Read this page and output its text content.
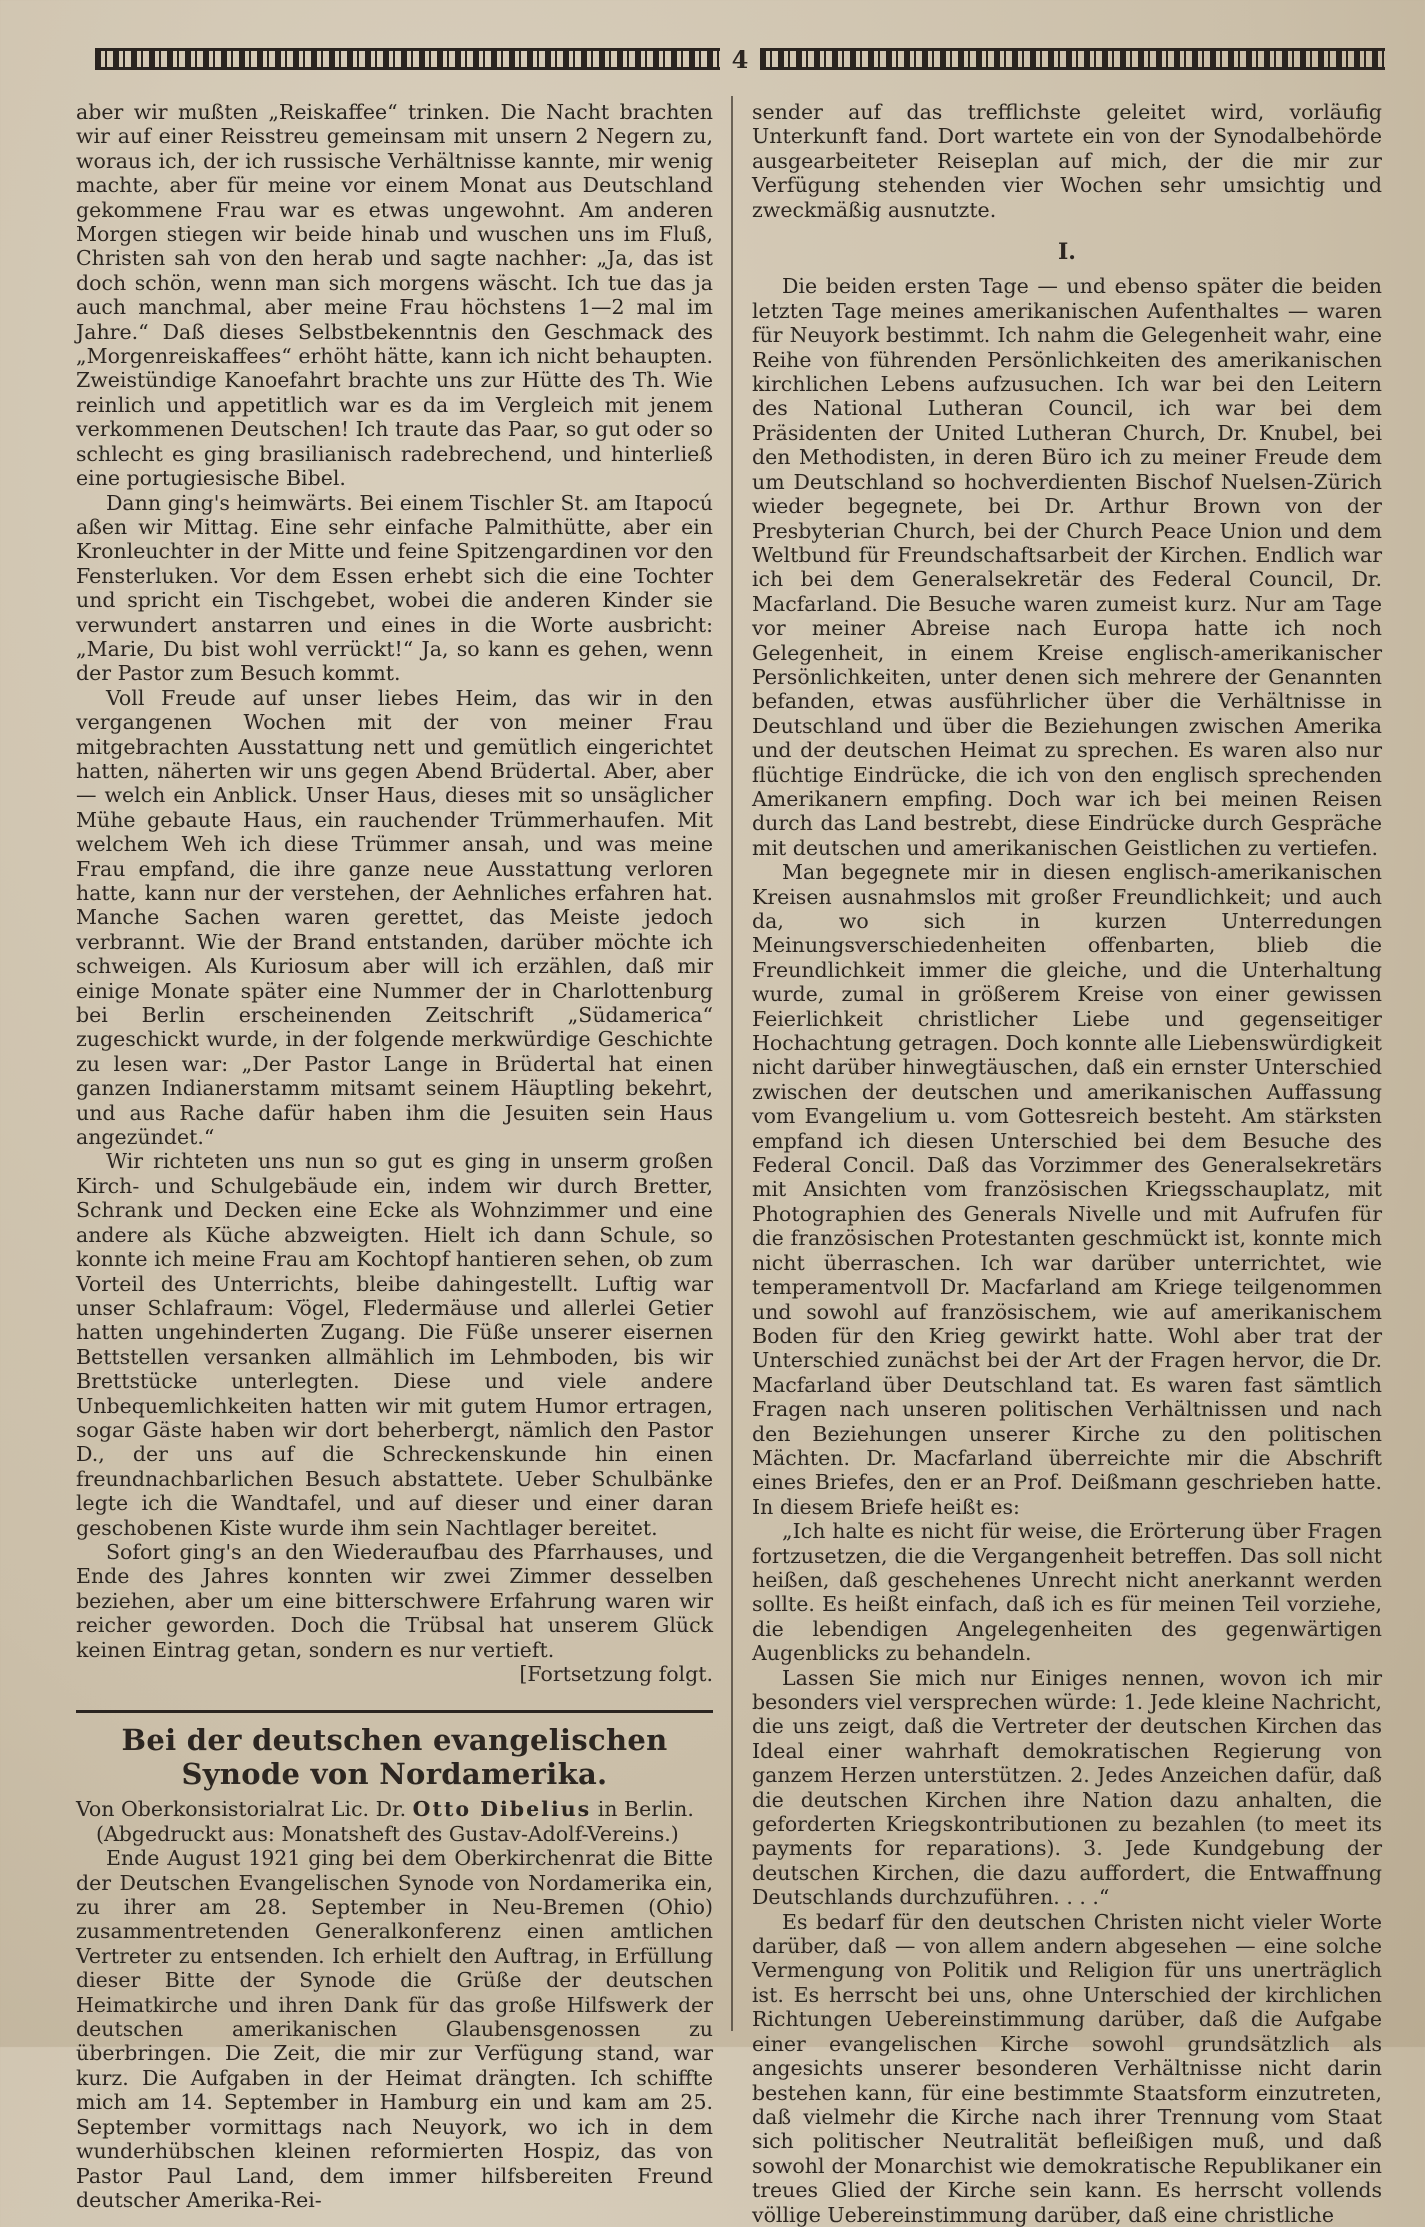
4

aber wir mußten „Reiskaffee“ trinken. Die Nacht brachten wir auf einer Reisstreu gemeinsam mit unsern 2 Negern zu, woraus ich, der ich russische Verhältnisse kannte, mir wenig machte, aber für meine vor einem Monat aus Deutschland gekommene Frau war es etwas ungewohnt. Am anderen Morgen stiegen wir beide hinab und wuschen uns im Fluß, Christen sah von den herab und sagte nachher: „Ja, das ist doch schön, wenn man sich morgens wäscht. Ich tue das ja auch manchmal, aber meine Frau höchstens 1—2 mal im Jahre.“ Daß dieses Selbstbekenntnis den Geschmack des „Morgenreiskaffees“ erhöht hätte, kann ich nicht behaupten. Zweistündige Kanoefahrt brachte uns zur Hütte des Th. Wie reinlich und appetitlich war es da im Vergleich mit jenem verkommenen Deutschen! Ich traute das Paar, so gut oder so schlecht es ging brasilianisch radebrechend, und hinterließ eine portugiesische Bibel.

Dann ging's heimwärts. Bei einem Tischler St. am Itapocú aßen wir Mittag. Eine sehr einfache Palmithütte, aber ein Kronleuchter in der Mitte und feine Spitzengardinen vor den Fensterluken. Vor dem Essen erhebt sich die eine Tochter und spricht ein Tischgebet, wobei die anderen Kinder sie verwundert anstarren und eines in die Worte ausbricht: „Marie, Du bist wohl verrückt!“ Ja, so kann es gehen, wenn der Pastor zum Besuch kommt.

Voll Freude auf unser liebes Heim, das wir in den vergangenen Wochen mit der von meiner Frau mitgebrachten Ausstattung nett und gemütlich eingerichtet hatten, näherten wir uns gegen Abend Brüdertal. Aber, aber — welch ein Anblick. Unser Haus, dieses mit so unsäglicher Mühe gebaute Haus, ein rauchender Trümmerhaufen. Mit welchem Weh ich diese Trümmer ansah, und was meine Frau empfand, die ihre ganze neue Ausstattung verloren hatte, kann nur der verstehen, der Aehnliches erfahren hat. Manche Sachen waren gerettet, das Meiste jedoch verbrannt. Wie der Brand entstanden, darüber möchte ich schweigen. Als Kuriosum aber will ich erzählen, daß mir einige Monate später eine Nummer der in Charlottenburg bei Berlin erscheinenden Zeitschrift „Südamerica“ zugeschickt wurde, in der folgende merkwürdige Geschichte zu lesen war: „Der Pastor Lange in Brüdertal hat einen ganzen Indianerstamm mitsamt seinem Häuptling bekehrt, und aus Rache dafür haben ihm die Jesuiten sein Haus angezündet.“

Wir richteten uns nun so gut es ging in unserm großen Kirch- und Schulgebäude ein, indem wir durch Bretter, Schrank und Decken eine Ecke als Wohnzimmer und eine andere als Küche abzweigten. Hielt ich dann Schule, so konnte ich meine Frau am Kochtopf hantieren sehen, ob zum Vorteil des Unterrichts, bleibe dahingestellt. Luftig war unser Schlafraum: Vögel, Fledermäuse und allerlei Getier hatten ungehinderten Zugang. Die Füße unserer eisernen Bettstellen versanken allmählich im Lehmboden, bis wir Brettstücke unterlegten. Diese und viele andere Unbequemlichkeiten hatten wir mit gutem Humor ertragen, sogar Gäste haben wir dort beherbergt, nämlich den Pastor D., der uns auf die Schreckenskunde hin einen freundnachbarlichen Besuch abstattete. Ueber Schulbänke legte ich die Wandtafel, und auf dieser und einer daran geschobenen Kiste wurde ihm sein Nachtlager bereitet.

Sofort ging's an den Wiederaufbau des Pfarrhauses, und Ende des Jahres konnten wir zwei Zimmer desselben beziehen, aber um eine bitterschwere Erfahrung waren wir reicher geworden. Doch die Trübsal hat unserem Glück keinen Eintrag getan, sondern es nur vertieft.

[Fortsetzung folgt.
Bei der deutschen evangelischen Synode von Nordamerika.
Von Oberkonsistorialrat Lic. Dr. Otto Dibelius in Berlin.

(Abgedruckt aus: Monatsheft des Gustav-Adolf-Vereins.)

Ende August 1921 ging bei dem Oberkirchenrat die Bitte der Deutschen Evangelischen Synode von Nordamerika ein, zu ihrer am 28. September in Neu-Bremen (Ohio) zusammentretenden Generalkonferenz einen amtlichen Vertreter zu entsenden. Ich erhielt den Auftrag, in Erfüllung dieser Bitte der Synode die Grüße der deutschen Heimatkirche und ihren Dank für das große Hilfswerk der deutschen amerikanischen Glaubensgenossen zu überbringen. Die Zeit, die mir zur Verfügung stand, war kurz. Die Aufgaben in der Heimat drängten. Ich schiffte mich am 14. September in Hamburg ein und kam am 25. September vormittags nach Neuyork, wo ich in dem wunderhübschen kleinen reformierten Hospiz, das von Pastor Paul Land, dem immer hilfsbereiten Freund deutscher Amerika-Rei-

sender auf das trefflichste geleitet wird, vorläufig Unterkunft fand. Dort wartete ein von der Synodalbehörde ausgearbeiteter Reiseplan auf mich, der die mir zur Verfügung stehenden vier Wochen sehr umsichtig und zweckmäßig ausnutzte.

I.

Die beiden ersten Tage — und ebenso später die beiden letzten Tage meines amerikanischen Aufenthaltes — waren für Neuyork bestimmt. Ich nahm die Gelegenheit wahr, eine Reihe von führenden Persönlichkeiten des amerikanischen kirchlichen Lebens aufzusuchen. Ich war bei den Leitern des National Lutheran Council, ich war bei dem Präsidenten der United Lutheran Church, Dr. Knubel, bei den Methodisten, in deren Büro ich zu meiner Freude dem um Deutschland so hochverdienten Bischof Nuelsen-Zürich wieder begegnete, bei Dr. Arthur Brown von der Presbyterian Church, bei der Church Peace Union und dem Weltbund für Freundschaftsarbeit der Kirchen. Endlich war ich bei dem Generalsekretär des Federal Council, Dr. Macfarland. Die Besuche waren zumeist kurz. Nur am Tage vor meiner Abreise nach Europa hatte ich noch Gelegenheit, in einem Kreise englisch-amerikanischer Persönlichkeiten, unter denen sich mehrere der Genannten befanden, etwas ausführlicher über die Verhältnisse in Deutschland und über die Beziehungen zwischen Amerika und der deutschen Heimat zu sprechen. Es waren also nur flüchtige Eindrücke, die ich von den englisch sprechenden Amerikanern empfing. Doch war ich bei meinen Reisen durch das Land bestrebt, diese Eindrücke durch Gespräche mit deutschen und amerikanischen Geistlichen zu vertiefen.

Man begegnete mir in diesen englisch-amerikanischen Kreisen ausnahmslos mit großer Freundlichkeit; und auch da, wo sich in kurzen Unterredungen Meinungsverschiedenheiten offenbarten, blieb die Freundlichkeit immer die gleiche, und die Unterhaltung wurde, zumal in größerem Kreise von einer gewissen Feierlichkeit christlicher Liebe und gegenseitiger Hochachtung getragen. Doch konnte alle Liebenswürdigkeit nicht darüber hinwegtäuschen, daß ein ernster Unterschied zwischen der deutschen und amerikanischen Auffassung vom Evangelium u. vom Gottesreich besteht. Am stärksten empfand ich diesen Unterschied bei dem Besuche des Federal Concil. Daß das Vorzimmer des Generalsekretärs mit Ansichten vom französischen Kriegsschauplatz, mit Photographien des Generals Nivelle und mit Aufrufen für die französischen Protestanten geschmückt ist, konnte mich nicht überraschen. Ich war darüber unterrichtet, wie temperamentvoll Dr. Macfarland am Kriege teilgenommen und sowohl auf französischem, wie auf amerikanischem Boden für den Krieg gewirkt hatte. Wohl aber trat der Unterschied zunächst bei der Art der Fragen hervor, die Dr. Macfarland über Deutschland tat. Es waren fast sämtlich Fragen nach unseren politischen Verhältnissen und nach den Beziehungen unserer Kirche zu den politischen Mächten. Dr. Macfarland überreichte mir die Abschrift eines Briefes, den er an Prof. Deißmann geschrieben hatte. In diesem Briefe heißt es:

„Ich halte es nicht für weise, die Erörterung über Fragen fortzusetzen, die die Vergangenheit betreffen. Das soll nicht heißen, daß geschehenes Unrecht nicht anerkannt werden sollte. Es heißt einfach, daß ich es für meinen Teil vorziehe, die lebendigen Angelegenheiten des gegenwärtigen Augenblicks zu behandeln.

Lassen Sie mich nur Einiges nennen, wovon ich mir besonders viel versprechen würde: 1. Jede kleine Nachricht, die uns zeigt, daß die Vertreter der deutschen Kirchen das Ideal einer wahrhaft demokratischen Regierung von ganzem Herzen unterstützen. 2. Jedes Anzeichen dafür, daß die deutschen Kirchen ihre Nation dazu anhalten, die geforderten Kriegskontributionen zu bezahlen (to meet its payments for reparations). 3. Jede Kundgebung der deutschen Kirchen, die dazu auffordert, die Entwaffnung Deutschlands durchzuführen. . . .“

Es bedarf für den deutschen Christen nicht vieler Worte darüber, daß — von allem andern abgesehen — eine solche Vermengung von Politik und Religion für uns unerträglich ist. Es herrscht bei uns, ohne Unterschied der kirchlichen Richtungen Uebereinstimmung darüber, daß die Aufgabe einer evangelischen Kirche sowohl grundsätzlich als angesichts unserer besonderen Verhältnisse nicht darin bestehen kann, für eine bestimmte Staatsform einzutreten, daß vielmehr die Kirche nach ihrer Trennung vom Staat sich politischer Neutralität befleißigen muß, und daß sowohl der Monarchist wie demokratische Republikaner ein treues Glied der Kirche sein kann. Es herrscht vollends völlige Uebereinstimmung darüber, daß eine christliche
